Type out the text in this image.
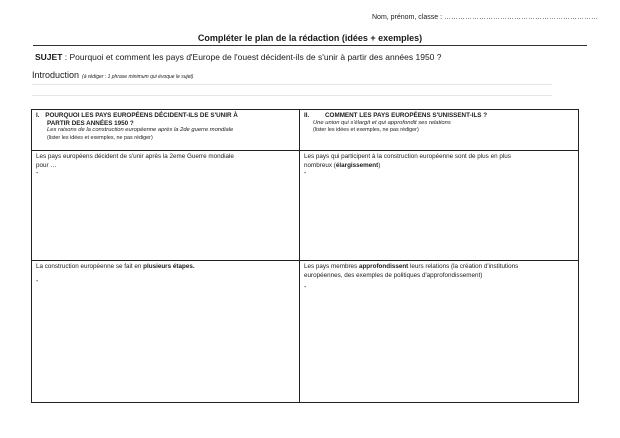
Nom, prénom, classe : …………………………………………………………
Compléter le plan de la rédaction (idées + exemples)
SUJET : Pourquoi et comment les pays d'Europe de l'ouest décident-ils de s'unir à partir des années 1950 ?
Introduction (à rédiger : 1 phrase minimum qui évoque le sujet)
I. POURQUOI LES PAYS EUROPÉENS DÉCIDENT-ILS DE S'UNIR À
PARTIR DES ANNÉES 1950 ?
Les raisons de la construction européenne après la 2de guerre mondiale
(lister les idées et exemples, ne pas rédiger)
II.	COMMENT LES PAYS EUROPÉENS S'UNISSENT-ILS ?
Une union qui s'élargit et qui approfondit ses relations
(lister les idées et exemples, ne pas rédiger)
Les pays européens décident de s'unir après la 2eme Guerre mondiale
pour …
-
Les pays qui participent à la construction européenne sont de plus en plus
nombreux (élargissement)
-
La construction européenne se fait en plusieurs étapes.
-
Les pays membres approfondissent leurs relations (la création d'institutions
européennes, des exemples de politiques d'approfondissement)
-
